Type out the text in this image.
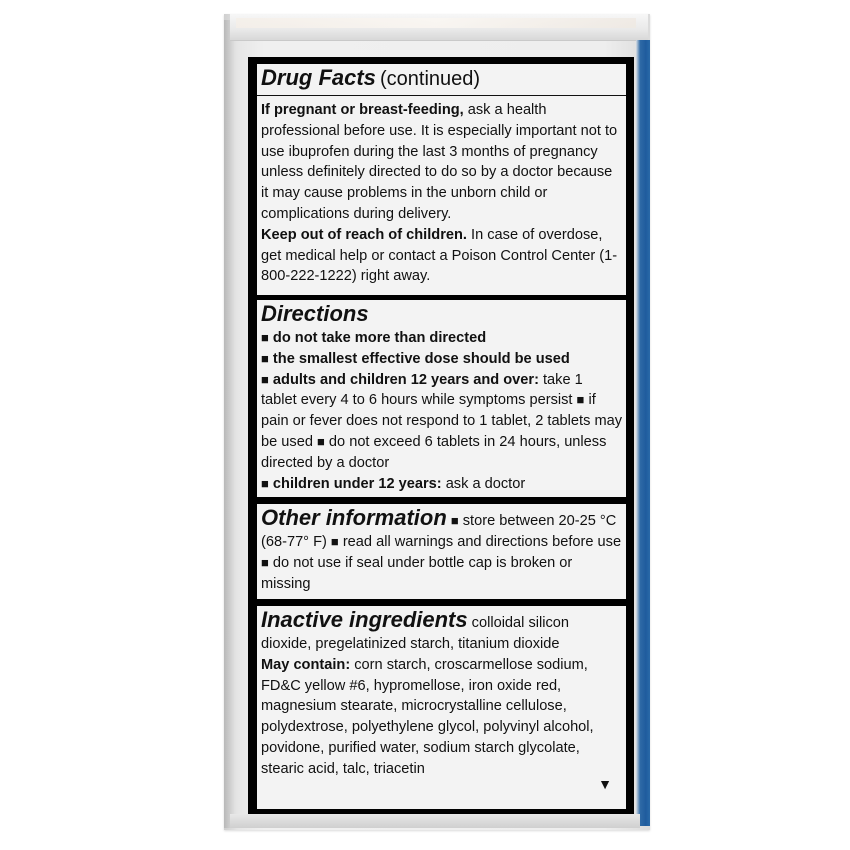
Drug Facts (continued)

If pregnant or breast-feeding, ask a health professional before use. It is especially important not to use ibuprofen during the last 3 months of pregnancy unless definitely directed to do so by a doctor because it may cause problems in the unborn child or complications during delivery.

Keep out of reach of children. In case of overdose, get medical help or contact a Poison Control Center (1-800-222-1222) right away.

Directions

■ do not take more than directed

■ the smallest effective dose should be used

■ adults and children 12 years and over: take 1 tablet every 4 to 6 hours while symptoms persist ■ if pain or fever does not respond to 1 tablet, 2 tablets may be used ■ do not exceed 6 tablets in 24 hours, unless directed by a doctor

■ children under 12 years: ask a doctor

Other information ■ store between 20-25 °C (68-77° F) ■ read all warnings and directions before use ■ do not use if seal under bottle cap is broken or missing

Inactive ingredients colloidal silicon dioxide, pregelatinized starch, titanium dioxide

May contain: corn starch, croscarmellose sodium, FD&C yellow #6, hypromellose, iron oxide red, magnesium stearate, microcrystalline cellulose, polydextrose, polyethylene glycol, polyvinyl alcohol, povidone, purified water, sodium starch glycolate, stearic acid, talc, triacetin

▼
